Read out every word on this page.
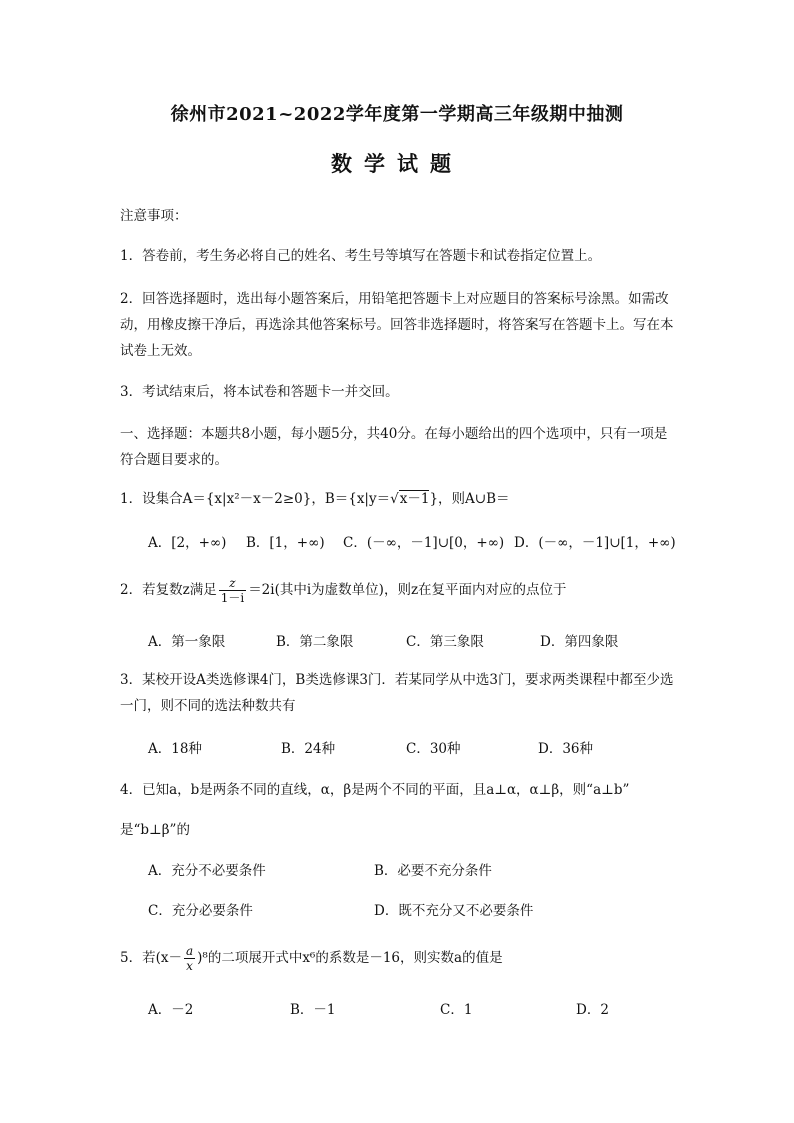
徐州市2021~2022学年度第一学期高三年级期中抽测
数学试题
注意事项：
1．答卷前，考生务必将自己的姓名、考生号等填写在答题卡和试卷指定位置上。
2．回答选择题时，选出每小题答案后，用铅笔把答题卡上对应题目的答案标号涂黑。如需改动，用橡皮擦干净后，再选涂其他答案标号。回答非选择题时，将答案写在答题卡上。写在本试卷上无效。
3．考试结束后，将本试卷和答题卡一并交回。
一、选择题：本题共8小题，每小题5分，共40分。在每小题给出的四个选项中，只有一项是符合题目要求的。
1．设集合A＝{x|x²－x－2≥0}，B＝{x|y＝√x－1}，则A∪B＝
A．[2，+∞) B．[1，+∞) C．(－∞，－1]∪[0，+∞) D．(－∞，－1]∪[1，+∞)
2．若复数z满足 $\frac{z}{1-i} =2i$(其中i为虚数单位)，则z在复平面内对应的点位于
A．第一象限	B．第二象限	C．第三象限	D．第四象限
3．某校开设A类选修课4门，B类选修课3门．若某同学从中选3门，要求两类课程中都至少选一门，则不同的选法种数共有
A．18种	B．24种	C．30种	D．36种
4．已知a，b是两条不同的直线，α，β是两个不同的平面，且a⊥α，α⊥β，则“a⊥b”
是“b⊥β”的
A．充分不必要条件	B．必要不充分条件
C．充分必要条件	D．既不充分又不必要条件
5．若$(x- \frac{a}{x} )^8$的二项展开式中x⁶的系数是－16，则实数a的值是
A．－2	B．－1	C．1	D．2
